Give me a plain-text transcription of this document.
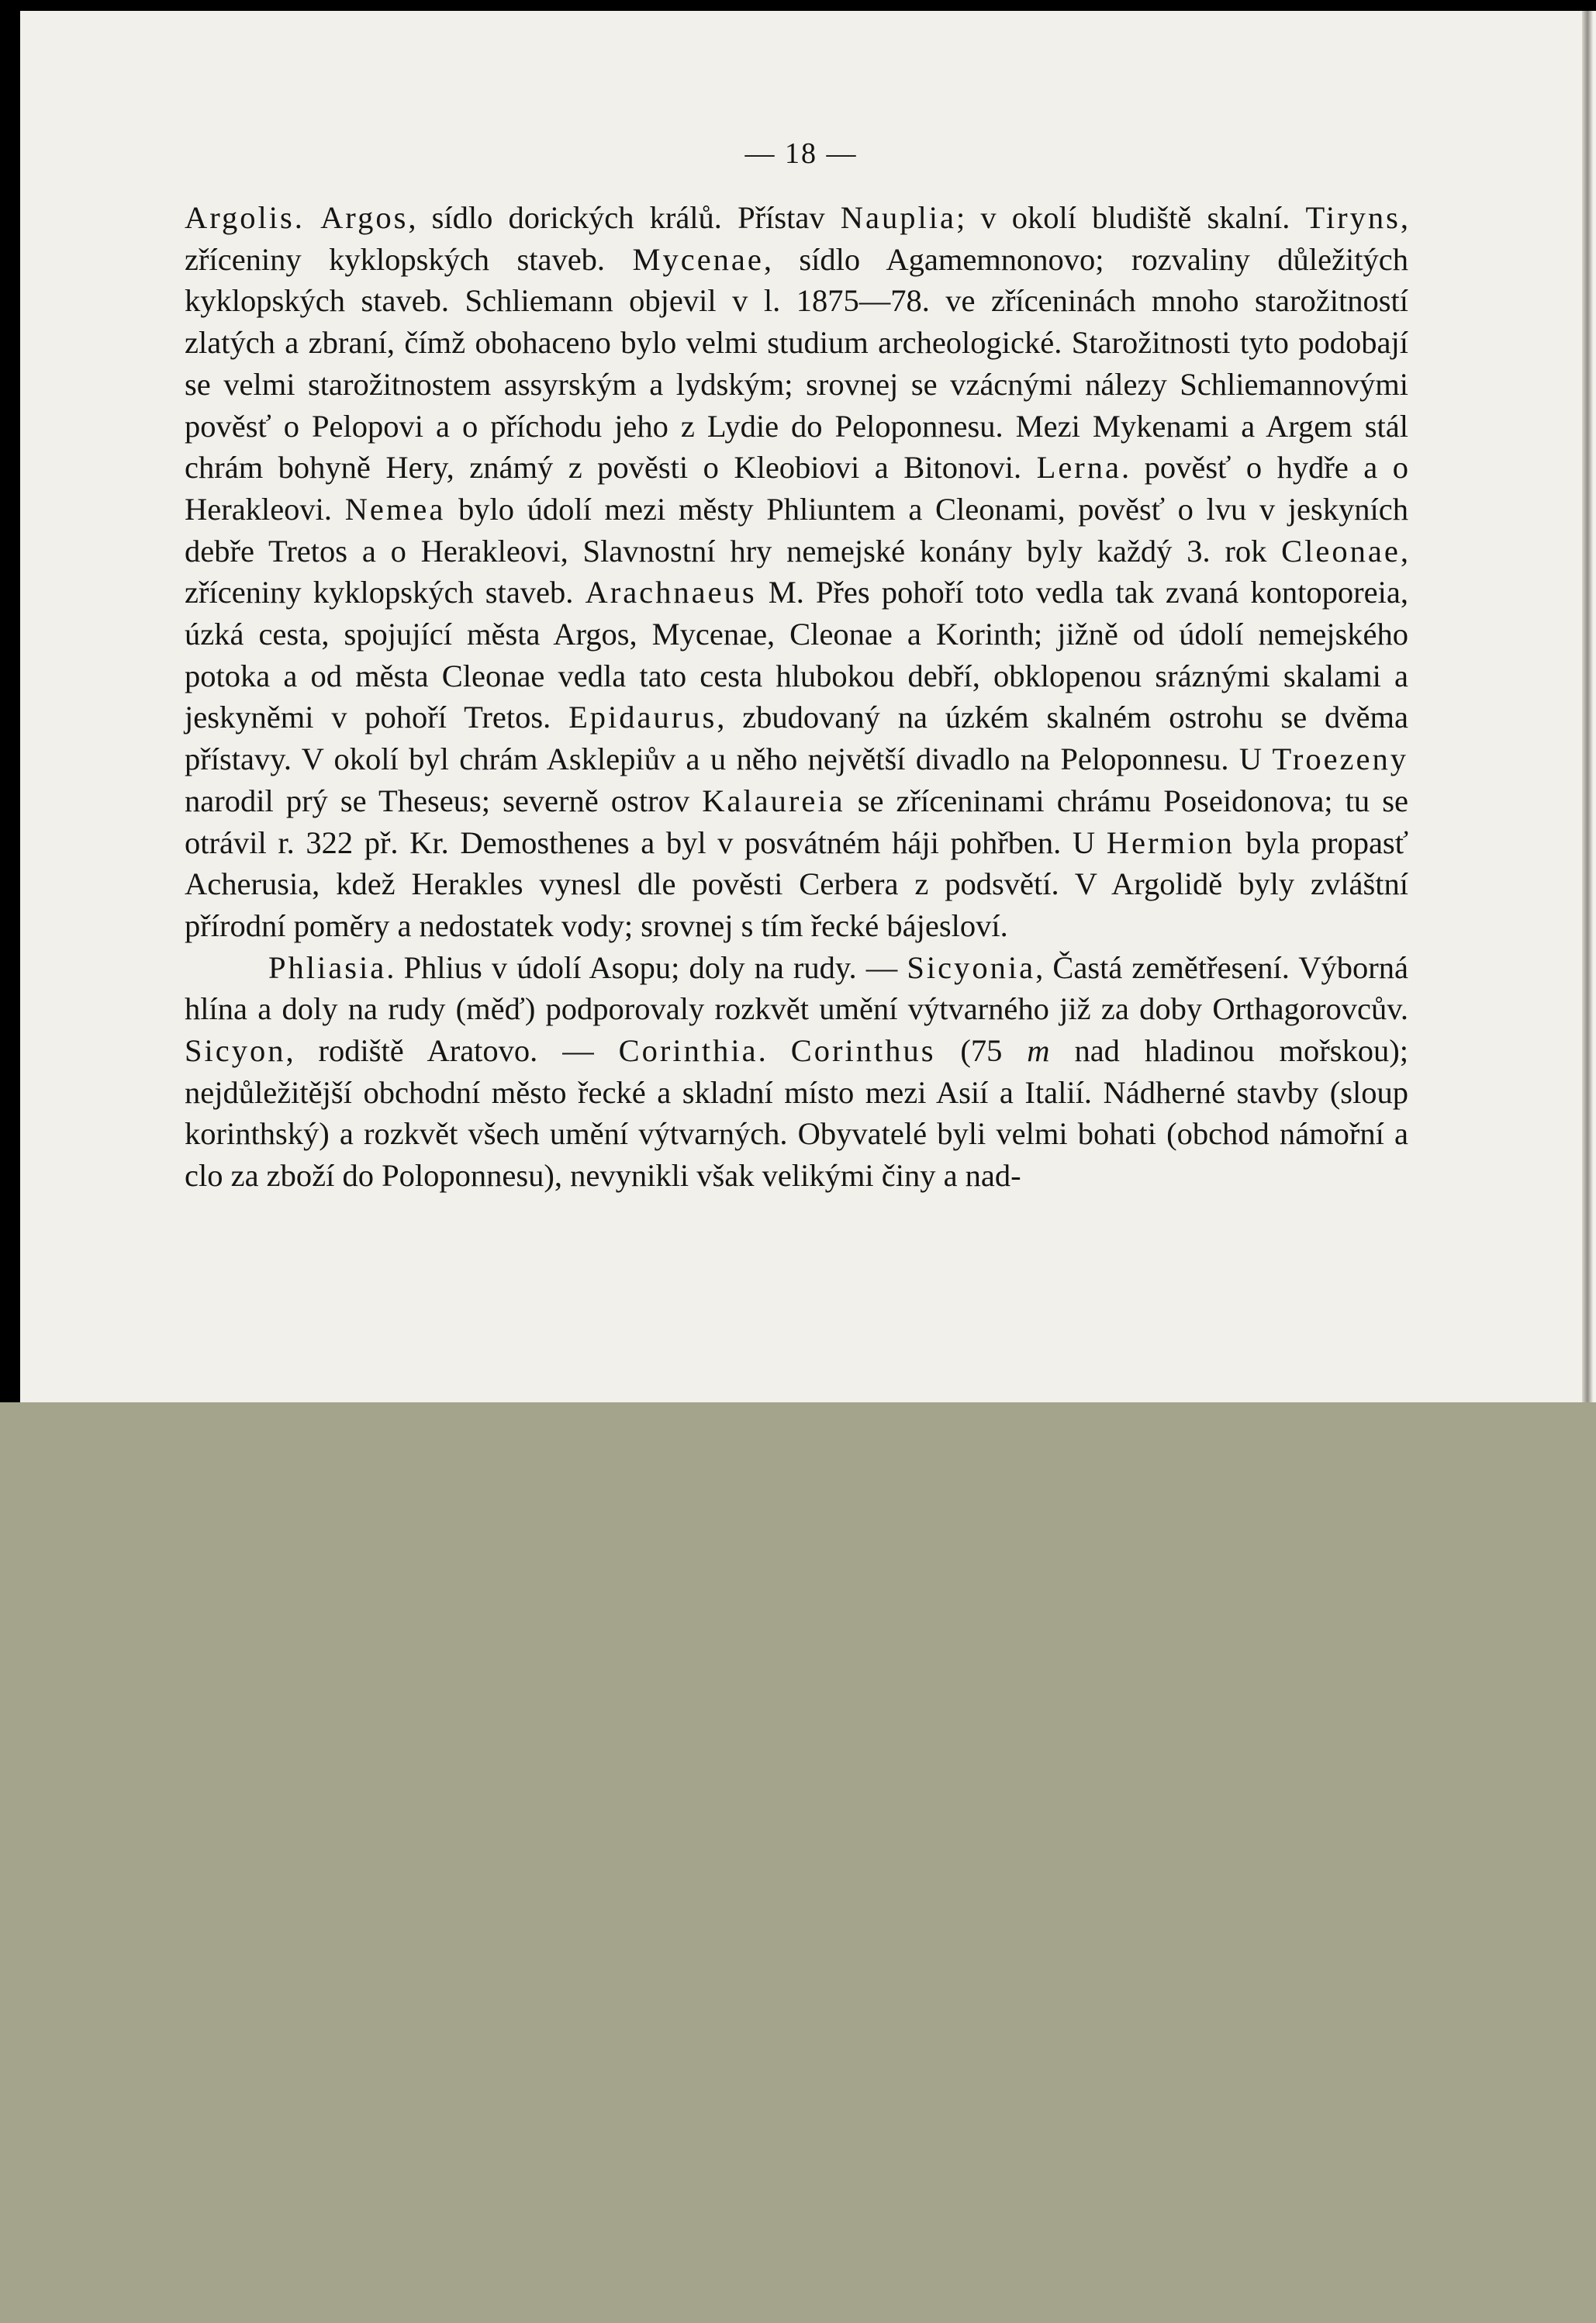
— 18 —

Argolis. Argos, sídlo dorických králů. Přístav Nauplia; v okolí bludiště skalní. Tiryns, zříceniny kyklopských staveb. Mycenae, sídlo Agamemnonovo; rozvaliny důležitých kyklopských staveb. Schliemann objevil v l. 1875—78. ve zříceninách mnoho starožitností zlatých a zbraní, čímž obohaceno bylo velmi studium archeologické. Starožitnosti tyto podobají se velmi starožitnostem assyrským a lydským; srovnej se vzácnými nálezy Schliemannovými pověsť o Pelopovi a o příchodu jeho z Lydie do Peloponnesu. Mezi Mykenami a Argem stál chrám bohyně Hery, známý z pověsti o Kleobiovi a Bitonovi. Lerna. pověsť o hydře a o Herakleovi. Nemea bylo údolí mezi městy Phliuntem a Cleonami, pověsť o lvu v jeskyních debře Tretos a o Herakleovi, Slavnostní hry nemejské konány byly každý 3. rok Cleonae, zříceniny kyklopských staveb. Arachnaeus M. Přes pohoří toto vedla tak zvaná kontoporeia, úzká cesta, spojující města Argos, Mycenae, Cleonae a Korinth; jižně od údolí nemejského potoka a od města Cleonae vedla tato cesta hlubokou debří, obklopenou sráznými skalami a jeskyněmi v pohoří Tretos. Epidaurus, zbudovaný na úzkém skalném ostrohu se dvěma přístavy. V okolí byl chrám Asklepiův a u něho největší divadlo na Peloponnesu. U Troezeny narodil prý se Theseus; severně ostrov Kalaureia se zříceninami chrámu Poseidonova; tu se otrávil r. 322 př. Kr. Demosthenes a byl v posvátném háji pohřben. U Hermion byla propasť Acherusia, kdež Herakles vynesl dle pověsti Cerbera z podsvětí. V Argolidě byly zvláštní přírodní poměry a nedostatek vody; srovnej s tím řecké bájesloví.

Phliasia. Phlius v údolí Asopu; doly na rudy. — Sicyonia, Častá zemětřesení. Výborná hlína a doly na rudy (měď) podporovaly rozkvět umění výtvarného již za doby Orthagorovcův. Sicyon, rodiště Aratovo. — Corinthia. Corinthus (75 m nad hladinou mořskou); nejdůležitější obchodní město řecké a skladní místo mezi Asií a Italií. Nádherné stavby (sloup korinthský) a rozkvět všech umění výtvarných. Obyvatelé byli velmi bohati (obchod námořní a clo za zboží do Poloponnesu), nevynikli však velikými činy a nad-
